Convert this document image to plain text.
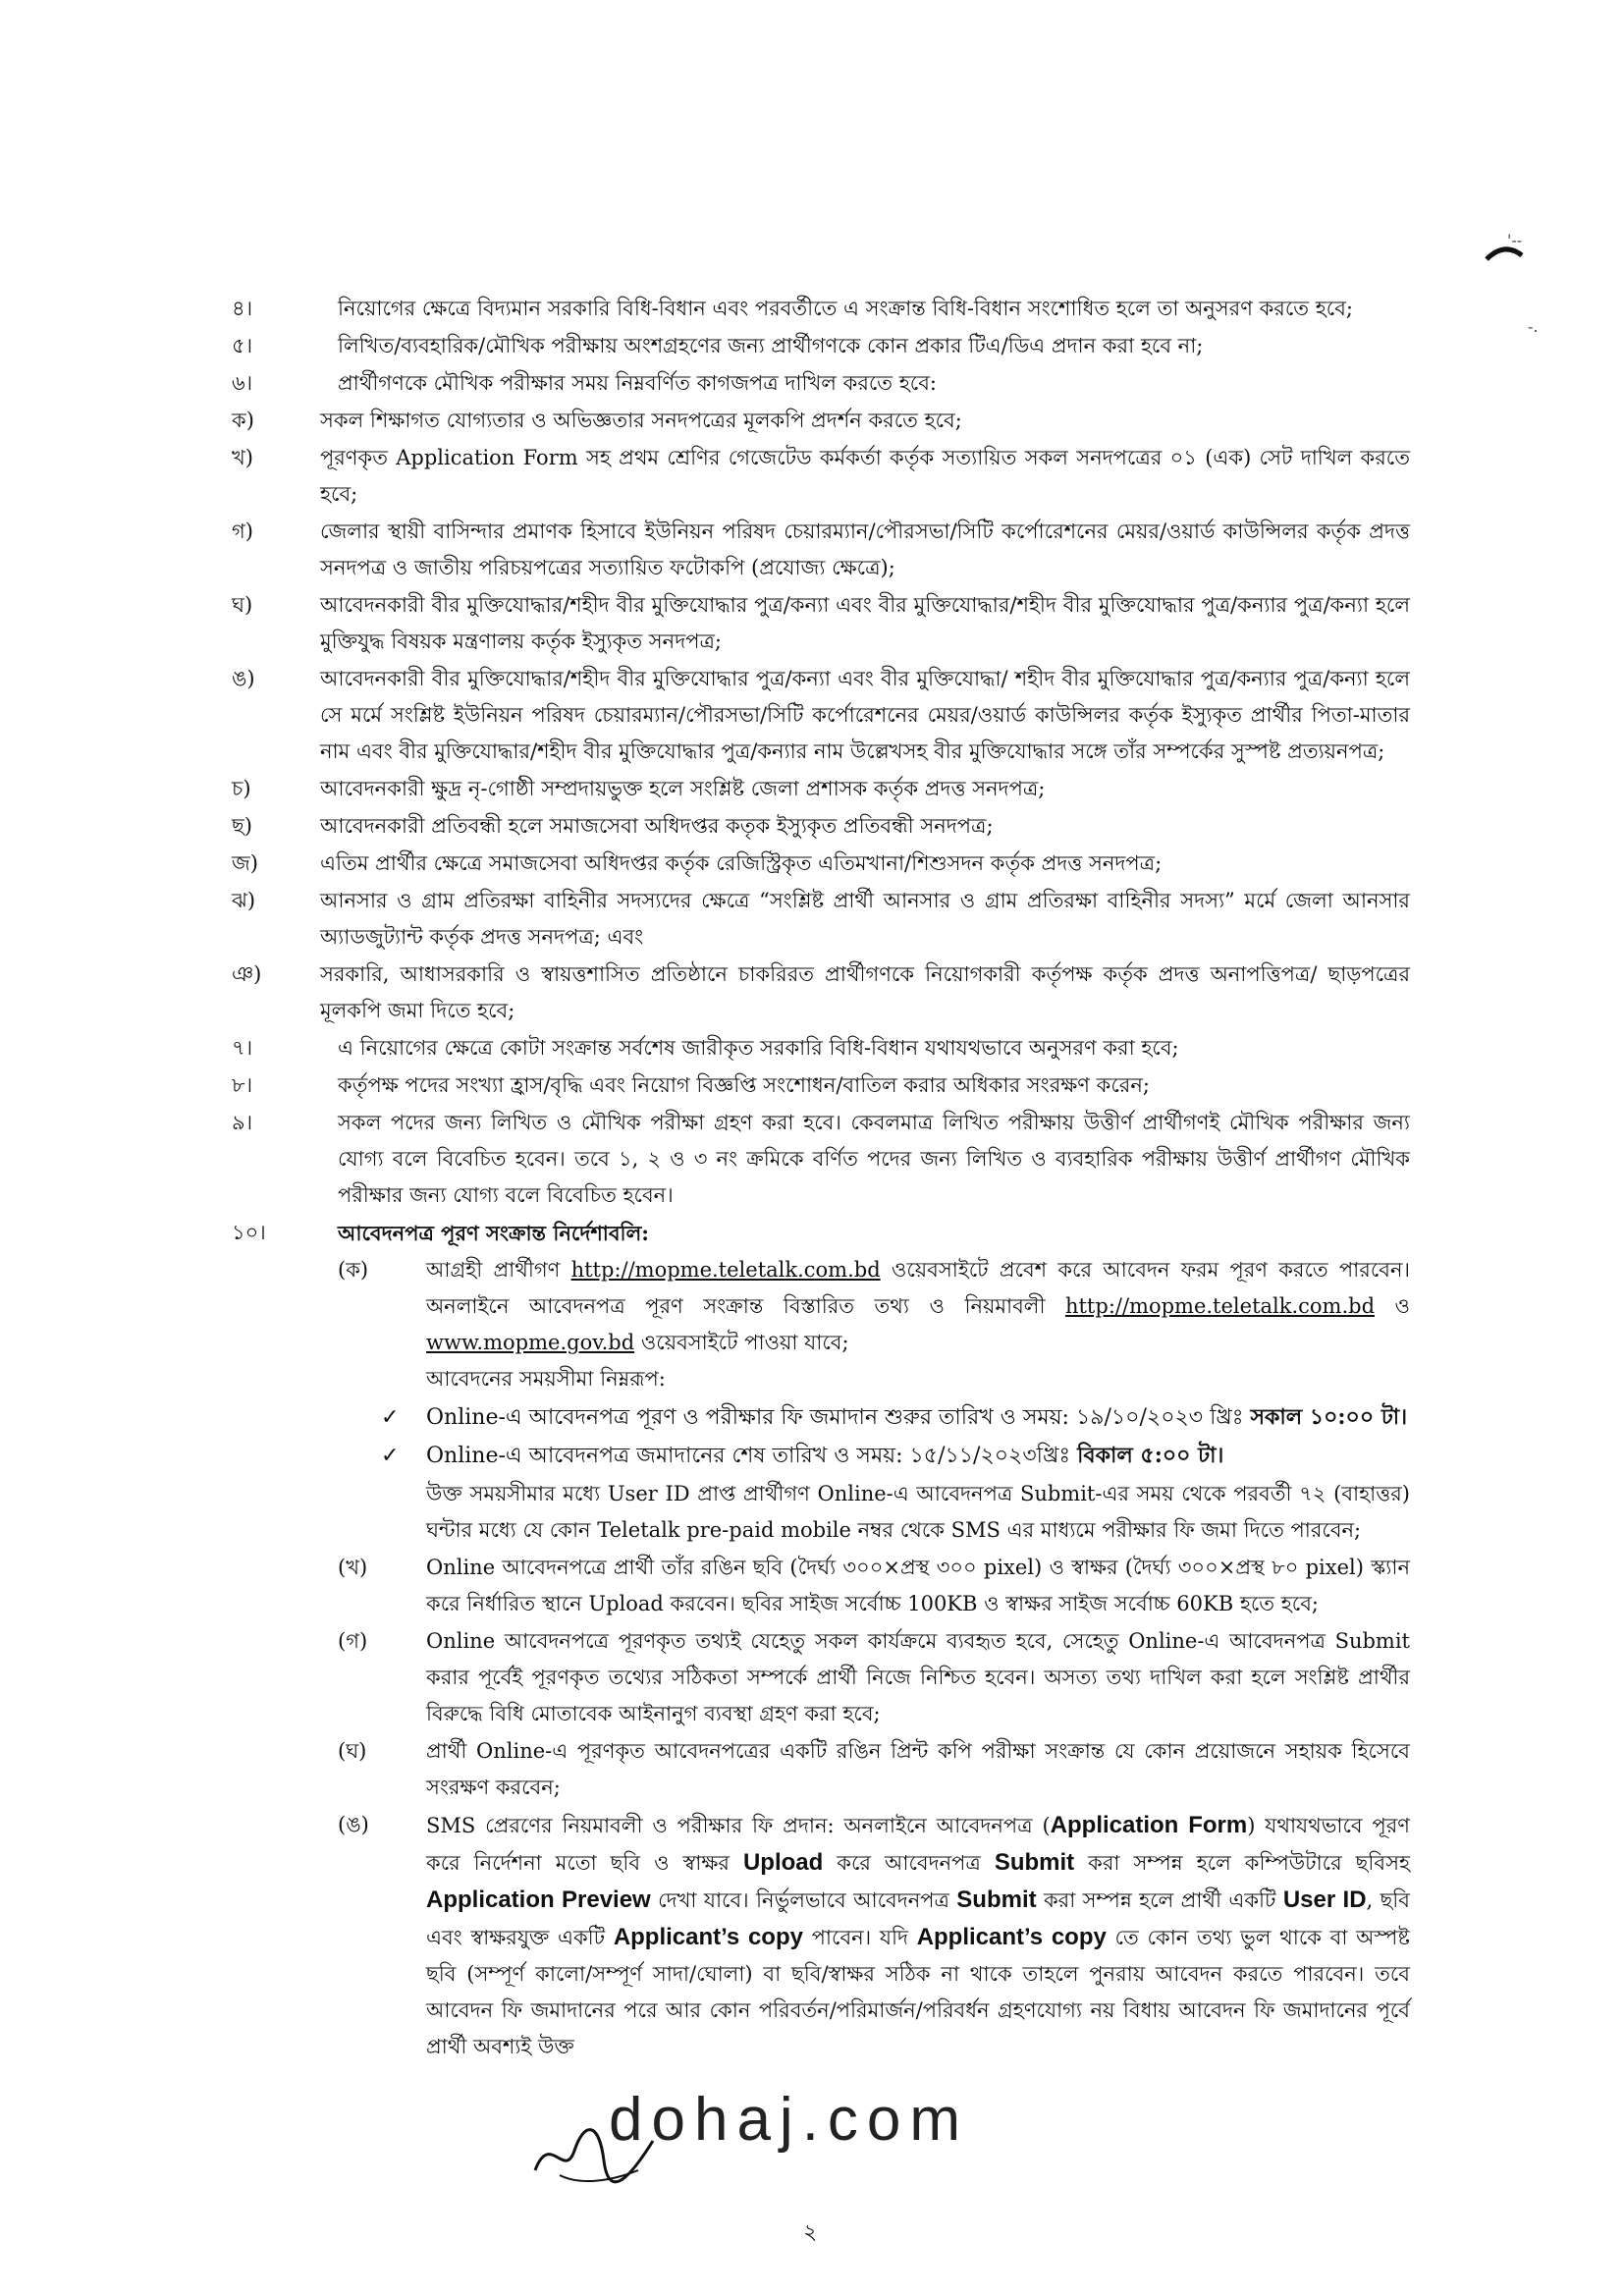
'--
-.
৪।	নিয়োগের ক্ষেত্রে বিদ্যমান সরকারি বিধি-বিধান এবং পরবর্তীতে এ সংক্রান্ত বিধি-বিধান সংশোধিত হলে তা অনুসরণ করতে হবে;
৫।	লিখিত/ব্যবহারিক/মৌখিক পরীক্ষায় অংশগ্রহণের জন্য প্রার্থীগণকে কোন প্রকার টিএ/ডিএ প্রদান করা হবে না;
৬।	প্রার্থীগণকে মৌখিক পরীক্ষার সময় নিম্নবর্ণিত কাগজপত্র দাখিল করতে হবে:
ক)	সকল শিক্ষাগত যোগ্যতার ও অভিজ্ঞতার সনদপত্রের মূলকপি প্রদর্শন করতে হবে;
খ)	পূরণকৃত Application Form সহ প্রথম শ্রেণির গেজেটেড কর্মকর্তা কর্তৃক সত্যায়িত সকল সনদপত্রের ০১ (এক) সেট দাখিল করতে হবে;
গ)	জেলার স্থায়ী বাসিন্দার প্রমাণক হিসাবে ইউনিয়ন পরিষদ চেয়ারম্যান/পৌরসভা/সিটি কর্পোরেশনের মেয়র/ওয়ার্ড কাউন্সিলর কর্তৃক প্রদত্ত সনদপত্র ও জাতীয় পরিচয়পত্রের সত্যায়িত ফটোকপি (প্রযোজ্য ক্ষেত্রে);
ঘ)	আবেদনকারী বীর মুক্তিযোদ্ধার/শহীদ বীর মুক্তিযোদ্ধার পুত্র/কন্যা এবং বীর মুক্তিযোদ্ধার/শহীদ বীর মুক্তিযোদ্ধার পুত্র/কন্যার পুত্র/কন্যা হলে মুক্তিযুদ্ধ বিষয়ক মন্ত্রণালয় কর্তৃক ইস্যুকৃত সনদপত্র;
ঙ)	আবেদনকারী বীর মুক্তিযোদ্ধার/শহীদ বীর মুক্তিযোদ্ধার পুত্র/কন্যা এবং বীর মুক্তিযোদ্ধা/ শহীদ বীর মুক্তিযোদ্ধার পুত্র/কন্যার পুত্র/কন্যা হলে সে মর্মে সংশ্লিষ্ট ইউনিয়ন পরিষদ চেয়ারম্যান/পৌরসভা/সিটি কর্পোরেশনের মেয়র/ওয়ার্ড কাউন্সিলর কর্তৃক ইস্যুকৃত প্রার্থীর পিতা-মাতার নাম এবং বীর মুক্তিযোদ্ধার/শহীদ বীর মুক্তিযোদ্ধার পুত্র/কন্যার নাম উল্লেখসহ বীর মুক্তিযোদ্ধার সঙ্গে তাঁর সম্পর্কের সুস্পষ্ট প্রত্যয়নপত্র;
চ)	আবেদনকারী ক্ষুদ্র নৃ-গোষ্ঠী সম্প্রদায়ভুক্ত হলে সংশ্লিষ্ট জেলা প্রশাসক কর্তৃক প্রদত্ত সনদপত্র;
ছ)	আবেদনকারী প্রতিবন্ধী হলে সমাজসেবা অধিদপ্তর কতৃক ইস্যুকৃত প্রতিবন্ধী সনদপত্র;
জ)	এতিম প্রার্থীর ক্ষেত্রে সমাজসেবা অধিদপ্তর কর্তৃক রেজিস্ট্রিকৃত এতিমখানা/শিশুসদন কর্তৃক প্রদত্ত সনদপত্র;
ঝ)	আনসার ও গ্রাম প্রতিরক্ষা বাহিনীর সদস্যদের ক্ষেত্রে “সংশ্লিষ্ট প্রার্থী আনসার ও গ্রাম প্রতিরক্ষা বাহিনীর সদস্য” মর্মে জেলা আনসার অ্যাডজুট্যান্ট কর্তৃক প্রদত্ত সনদপত্র; এবং
ঞ)	সরকারি, আধাসরকারি ও স্বায়ত্তশাসিত প্রতিষ্ঠানে চাকরিরত প্রার্থীগণকে নিয়োগকারী কর্তৃপক্ষ কর্তৃক প্রদত্ত অনাপত্তিপত্র/ ছাড়পত্রের মূলকপি জমা দিতে হবে;
৭।	এ নিয়োগের ক্ষেত্রে কোটা সংক্রান্ত সর্বশেষ জারীকৃত সরকারি বিধি-বিধান যথাযথভাবে অনুসরণ করা হবে;
৮।	কর্তৃপক্ষ পদের সংখ্যা হ্রাস/বৃদ্ধি এবং নিয়োগ বিজ্ঞপ্তি সংশোধন/বাতিল করার অধিকার সংরক্ষণ করেন;
৯।	সকল পদের জন্য লিখিত ও মৌখিক পরীক্ষা গ্রহণ করা হবে। কেবলমাত্র লিখিত পরীক্ষায় উত্তীর্ণ প্রার্থীগণই মৌখিক পরীক্ষার জন্য যোগ্য বলে বিবেচিত হবেন। তবে ১, ২ ও ৩ নং ক্রমিকে বর্ণিত পদের জন্য লিখিত ও ব্যবহারিক পরীক্ষায় উত্তীর্ণ প্রার্থীগণ মৌখিক পরীক্ষার জন্য যোগ্য বলে বিবেচিত হবেন।
১০।	আবেদনপত্র পূরণ সংক্রান্ত নির্দেশাবলি:
(ক)	আগ্রহী প্রার্থীগণ http://mopme.teletalk.com.bd ওয়েবসাইটে প্রবেশ করে আবেদন ফরম পূরণ করতে পারবেন। অনলাইনে আবেদনপত্র পূরণ সংক্রান্ত বিস্তারিত তথ্য ও নিয়মাবলী http://mopme.teletalk.com.bd ও www.mopme.gov.bd ওয়েবসাইটে পাওয়া যাবে;
আবেদনের সময়সীমা নিম্নরূপ:
✓ Online-এ আবেদনপত্র পূরণ ও পরীক্ষার ফি জমাদান শুরুর তারিখ ও সময়: ১৯/১০/২০২৩ খ্রিঃ সকাল ১০:০০ টা।
✓ Online-এ আবেদনপত্র জমাদানের শেষ তারিখ ও সময়: ১৫/১১/২০২৩খ্রিঃ বিকাল ৫:০০ টা।
উক্ত সময়সীমার মধ্যে User ID প্রাপ্ত প্রার্থীগণ Online-এ আবেদনপত্র Submit-এর সময় থেকে পরবর্তী ৭২ (বাহাত্তর) ঘন্টার মধ্যে যে কোন Teletalk pre-paid mobile নম্বর থেকে SMS এর মাধ্যমে পরীক্ষার ফি জমা দিতে পারবেন;
(খ)	Online আবেদনপত্রে প্রার্থী তাঁর রঙিন ছবি (দৈর্ঘ্য ৩০০×প্রস্থ ৩০০ pixel) ও স্বাক্ষর (দৈর্ঘ্য ৩০০×প্রস্থ ৮০ pixel) স্ক্যান করে নির্ধারিত স্থানে Upload করবেন। ছবির সাইজ সর্বোচ্চ 100KB ও স্বাক্ষর সাইজ সর্বোচ্চ 60KB হতে হবে;
(গ)	Online আবেদনপত্রে পূরণকৃত তথ্যই যেহেতু সকল কার্যক্রমে ব্যবহৃত হবে, সেহেতু Online-এ আবেদনপত্র Submit করার পূর্বেই পূরণকৃত তথ্যের সঠিকতা সম্পর্কে প্রার্থী নিজে নিশ্চিত হবেন। অসত্য তথ্য দাখিল করা হলে সংশ্লিষ্ট প্রার্থীর বিরুদ্ধে বিধি মোতাবেক আইনানুগ ব্যবস্থা গ্রহণ করা হবে;
(ঘ)	প্রার্থী Online-এ পূরণকৃত আবেদনপত্রের একটি রঙিন প্রিন্ট কপি পরীক্ষা সংক্রান্ত যে কোন প্রয়োজনে সহায়ক হিসেবে সংরক্ষণ করবেন;
(ঙ)	SMS প্রেরণের নিয়মাবলী ও পরীক্ষার ফি প্রদান: অনলাইনে আবেদনপত্র (Application Form) যথাযথভাবে পূরণ করে নির্দেশনা মতো ছবি ও স্বাক্ষর Upload করে আবেদনপত্র Submit করা সম্পন্ন হলে কম্পিউটারে ছবিসহ Application Preview দেখা যাবে। নির্ভুলভাবে আবেদনপত্র Submit করা সম্পন্ন হলে প্রার্থী একটি User ID, ছবি এবং স্বাক্ষরযুক্ত একটি Applicant’s copy পাবেন। যদি Applicant’s copy তে কোন তথ্য ভুল থাকে বা অস্পষ্ট ছবি (সম্পূর্ণ কালো/সম্পূর্ণ সাদা/ঘোলা) বা ছবি/স্বাক্ষর সঠিক না থাকে তাহলে পুনরায় আবেদন করতে পারবেন। তবে আবেদন ফি জমাদানের পরে আর কোন পরিবর্তন/পরিমার্জন/পরিবর্ধন গ্রহণযোগ্য নয় বিধায় আবেদন ফি জমাদানের পূর্বে প্রার্থী অবশ্যই উক্ত
dohaj.com
২
